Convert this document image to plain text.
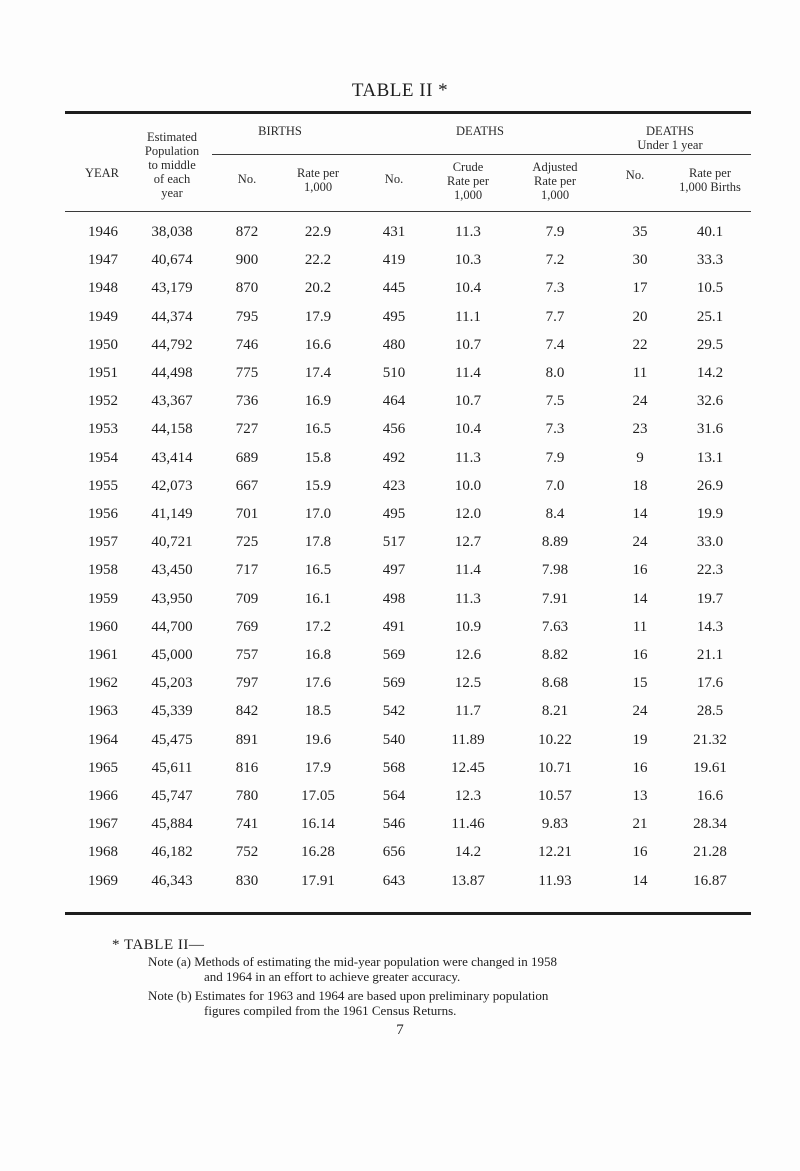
TABLE II *
YEAR
Estimated
Population
to middle
of each
year
BIRTHS	DEATHS	DEATHS
Under 1 year
No.	Rate per
1,000
No.
Crude
Rate per
1,000
Adjusted
Rate per
1,000
No.	Rate per
1,000 Births
1946	38,038	872	22.9	431	11.3	7.9	35	40.1
1947	40,674	900	22.2	419	10.3	7.2	30	33.3
1948	43,179	870	20.2	445	10.4	7.3	17	10.5
1949	44,374	795	17.9	495	11.1	7.7	20	25.1
1950	44,792	746	16.6	480	10.7	7.4	22	29.5
1951	44,498	775	17.4	510	11.4	8.0	11	14.2
1952	43,367	736	16.9	464	10.7	7.5	24	32.6
1953	44,158	727	16.5	456	10.4	7.3	23	31.6
1954	43,414	689	15.8	492	11.3	7.9	9	13.1
1955	42,073	667	15.9	423	10.0	7.0	18	26.9
1956	41,149	701	17.0	495	12.0	8.4	14	19.9
1957	40,721	725	17.8	517	12.7	8.89	24	33.0
1958	43,450	717	16.5	497	11.4	7.98	16	22.3
1959	43,950	709	16.1	498	11.3	7.91	14	19.7
1960	44,700	769	17.2	491	10.9	7.63	11	14.3
1961	45,000	757	16.8	569	12.6	8.82	16	21.1
1962	45,203	797	17.6	569	12.5	8.68	15	17.6
1963	45,339	842	18.5	542	11.7	8.21	24	28.5
1964	45,475	891	19.6	540	11.89	10.22	19	21.32
1965	45,611	816	17.9	568	12.45	10.71	16	19.61
1966	45,747	780	17.05	564	12.3	10.57	13	16.6
1967	45,884	741	16.14	546	11.46	9.83	21	28.34
1968	46,182	752	16.28	656	14.2	12.21	16	21.28
1969	46,343	830	17.91	643	13.87	11.93	14	16.87
* TABLE II—
Note (a) Methods of estimating the mid-year population were changed in 1958
and 1964 in an effort to achieve greater accuracy.
Note (b) Estimates for 1963 and 1964 are based upon preliminary population
figures compiled from the 1961 Census Returns.
7
